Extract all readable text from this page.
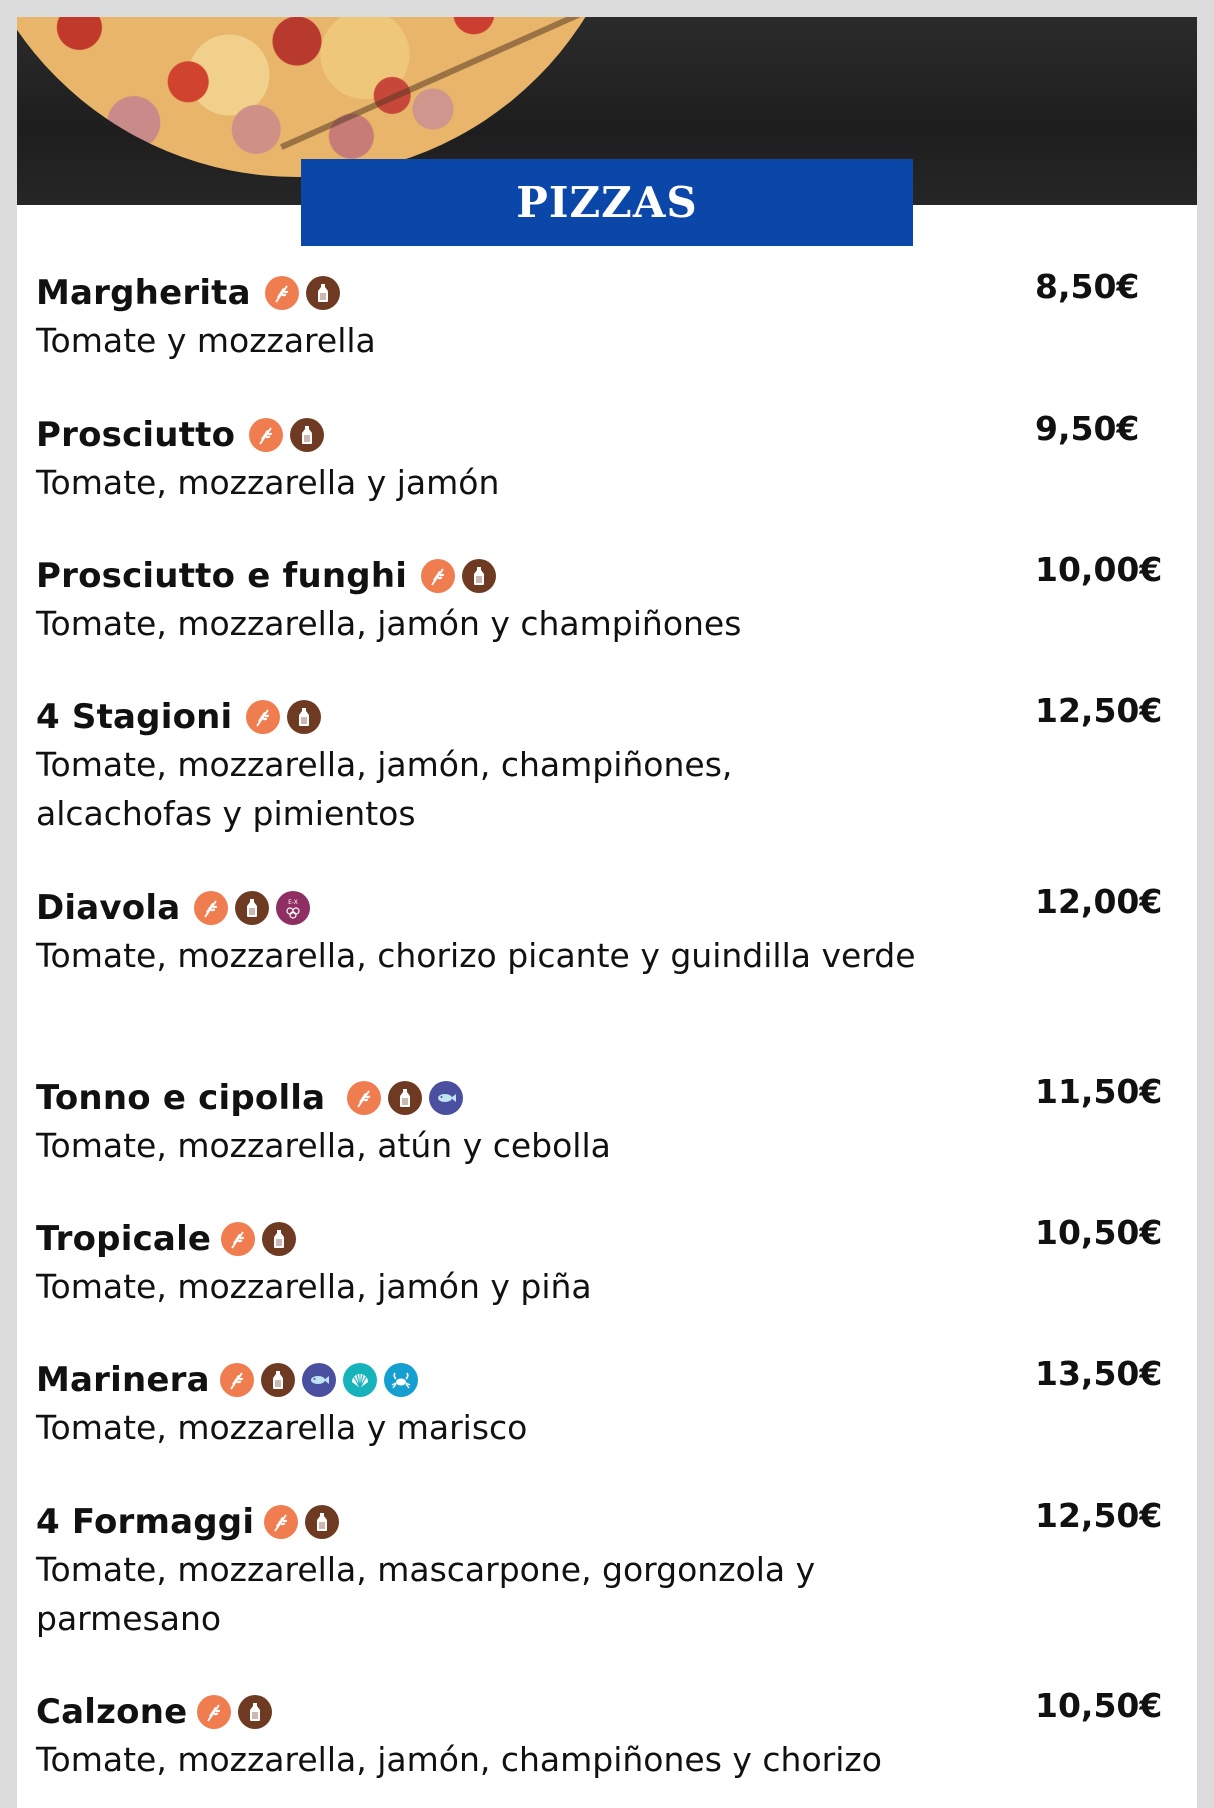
PIZZAS
Margherita
Tomate y mozzarella
8,50€
Prosciutto
Tomate, mozzarella y jamón
9,50€
Prosciutto e funghi
Tomate, mozzarella, jamón y champiñones
10,00€
4 Stagioni
Tomate, mozzarella, jamón, champiñones, alcachofas y pimientos
12,50€
Diavola	E-X
Tomate, mozzarella, chorizo picante y guindilla verde
12,00€
Tonno e cipolla
Tomate, mozzarella, atún y cebolla
11,50€
Tropicale
Tomate, mozzarella, jamón y piña
10,50€
Marinera
Tomate, mozzarella y marisco
13,50€
4 Formaggi
Tomate, mozzarella, mascarpone, gorgonzola y parmesano
12,50€
Calzone
Tomate, mozzarella, jamón, champiñones y chorizo
10,50€
